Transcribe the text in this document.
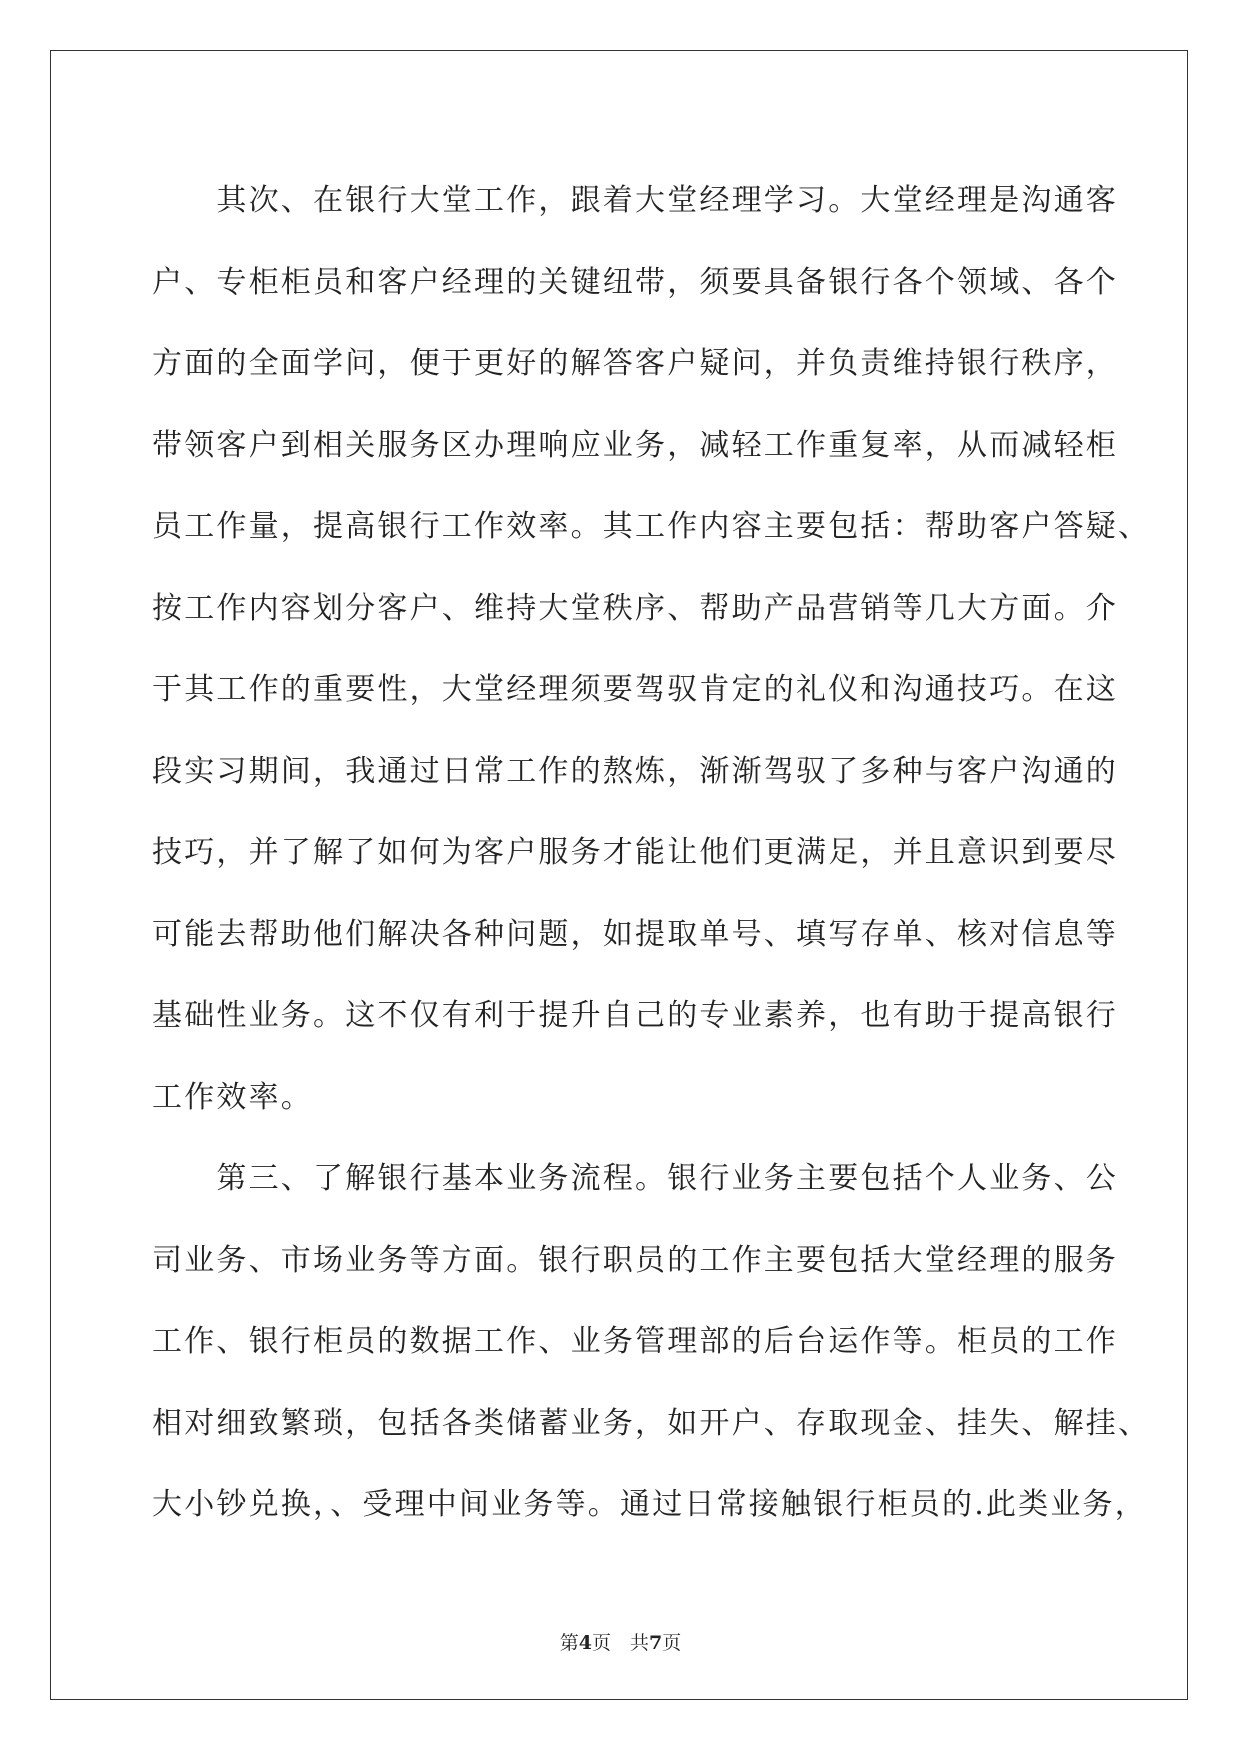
　　其次、在银行大堂工作，跟着大堂经理学习。大堂经理是沟通客
户、专柜柜员和客户经理的关键纽带，须要具备银行各个领域、各个
方面的全面学问，便于更好的解答客户疑问，并负责维持银行秩序，
带领客户到相关服务区办理响应业务，减轻工作重复率，从而减轻柜
员工作量，提高银行工作效率。其工作内容主要包括：帮助客户答疑、
按工作内容划分客户、维持大堂秩序、帮助产品营销等几大方面。介
于其工作的重要性，大堂经理须要驾驭肯定的礼仪和沟通技巧。在这
段实习期间，我通过日常工作的熬炼，渐渐驾驭了多种与客户沟通的
技巧，并了解了如何为客户服务才能让他们更满足，并且意识到要尽
可能去帮助他们解决各种问题，如提取单号、填写存单、核对信息等
基础性业务。这不仅有利于提升自己的专业素养，也有助于提高银行
工作效率。
　　第三、了解银行基本业务流程。银行业务主要包括个人业务、公
司业务、市场业务等方面。银行职员的工作主要包括大堂经理的服务
工作、银行柜员的数据工作、业务管理部的后台运作等。柜员的工作
相对细致繁琐，包括各类储蓄业务，如开户、存取现金、挂失、解挂、
大小钞兑换，、受理中间业务等。通过日常接触银行柜员的.此类业务，
第4页　共7页
